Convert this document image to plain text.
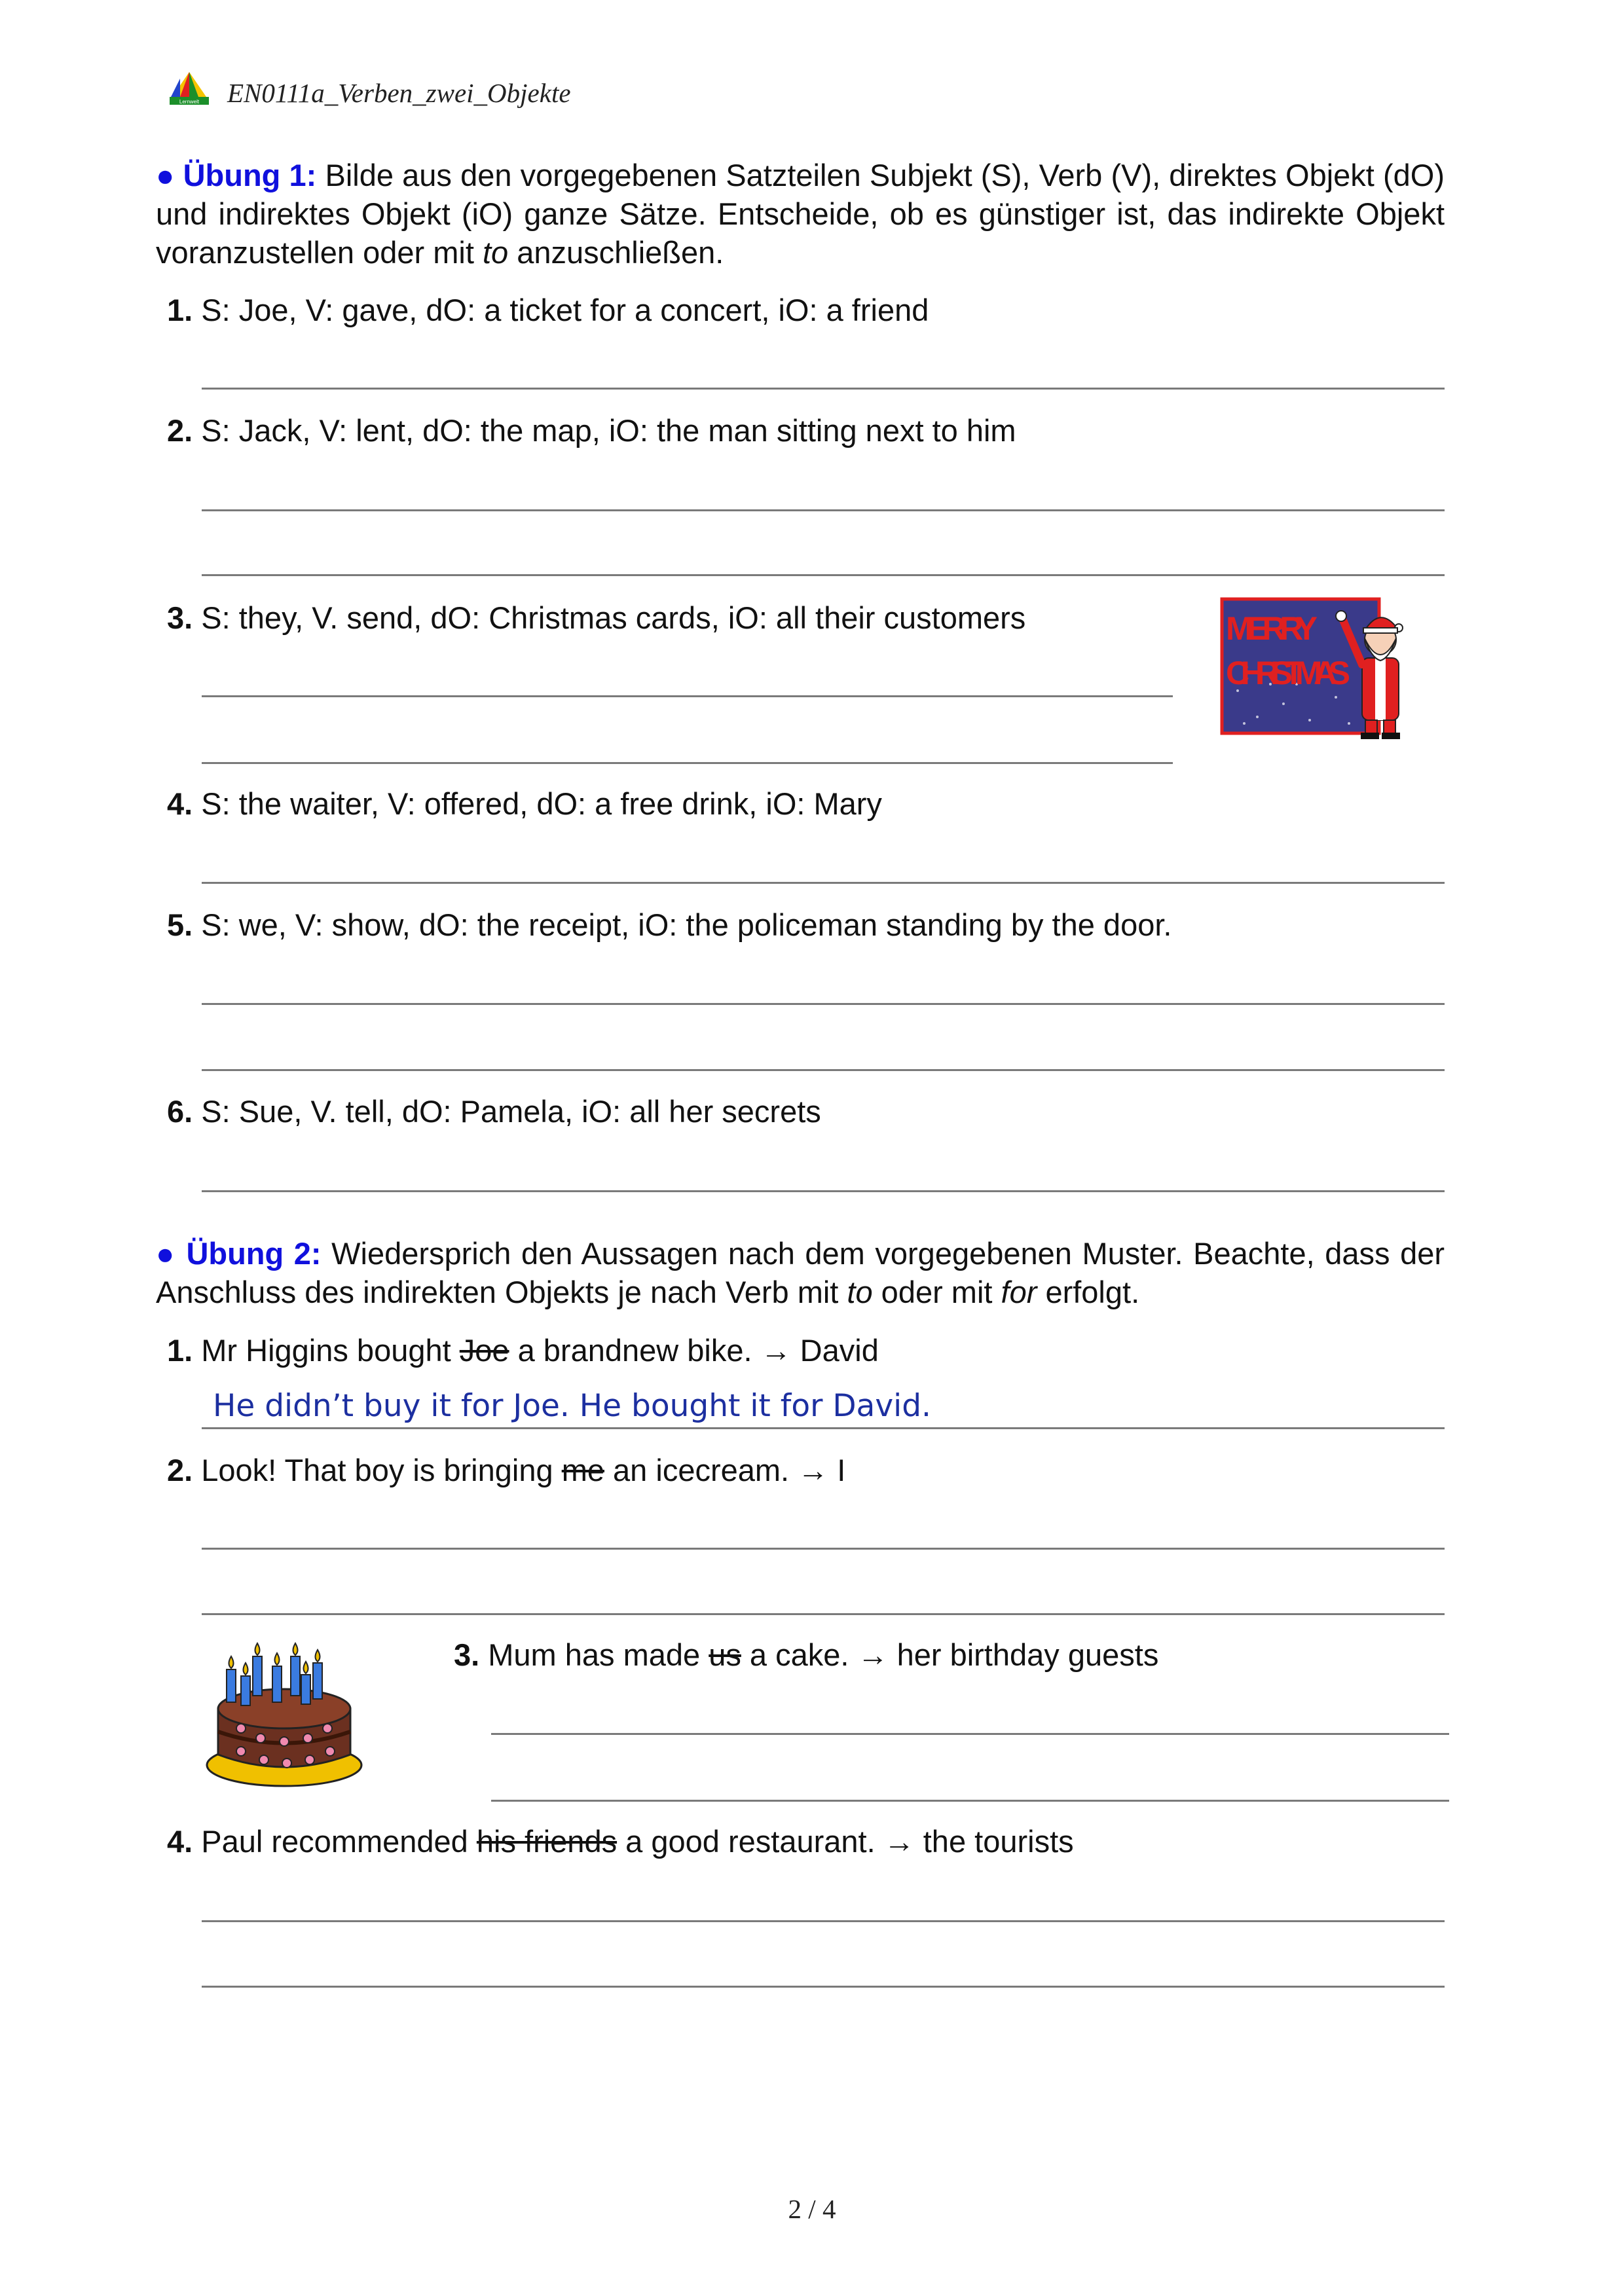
Lernwelt EN0111a_Verben_zwei_Objekte
● Übung 1: Bilde aus den vorgegebenen Satzteilen Subjekt (S), Verb (V), direktes Objekt (dO) und indirektes Objekt (iO) ganze Sätze. Entscheide, ob es günstiger ist, das indirekte Objekt voranzustellen oder mit to anzuschließen.
1. S: Joe, V: gave, dO: a ticket for a concert, iO: a friend
2. S: Jack, V: lent, dO: the map, iO: the man sitting next to him
3. S: they, V. send, dO: Christmas cards, iO: all their customers	MERRY
CHRISTMAS
4. S: the waiter, V: offered, dO: a free drink, iO: Mary
5. S: we, V: show, dO: the receipt, iO: the policeman standing by the door.
6. S: Sue, V. tell, dO: Pamela, iO: all her secrets
● Übung 2: Wiedersprich den Aussagen nach dem vorgegebenen Muster. Beachte, dass der Anschluss des indirekten Objekts je nach Verb mit to oder mit for erfolgt.
1. Mr Higgins bought Joe a brandnew bike. → David
He didn’t buy it for Joe. He bought it for David.
2. Look! That boy is bringing me an icecream. → I
3. Mum has made us a cake. → her birthday guests
4. Paul recommended his friends a good restaurant. → the tourists
2 / 4
